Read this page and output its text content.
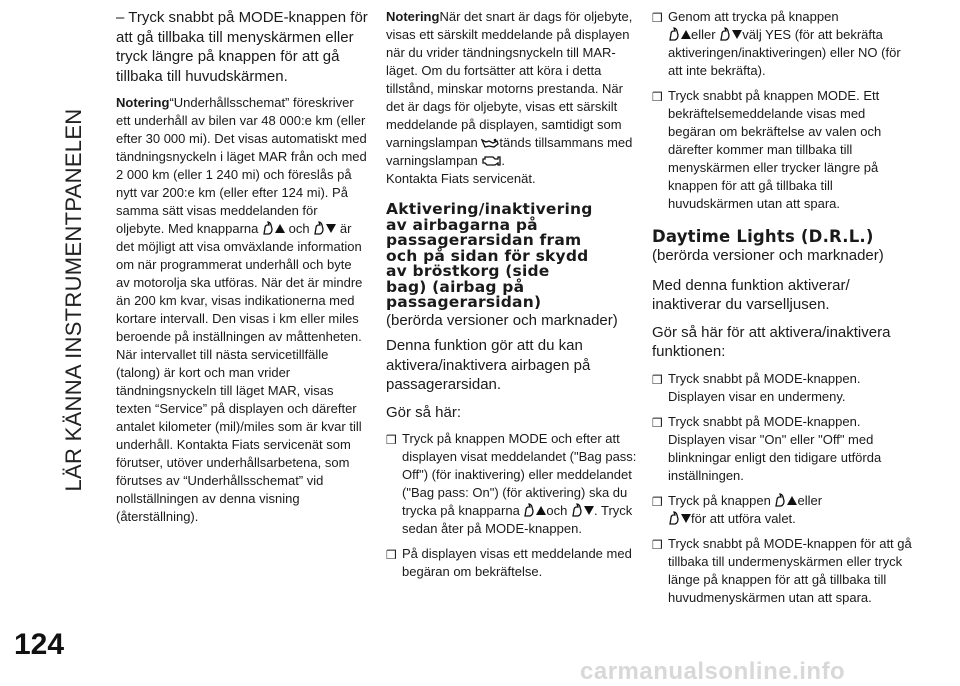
LÄR KÄNNA INSTRUMENTPANELEN
124
carmanualsonline.info

– Tryck snabbt på MODE-knappen för att gå tillbaka till menyskärmen eller tryck längre på knappen för att gå tillbaka till huvudskärmen.

Notering“Underhållsschemat” föreskriver ett underhåll av bilen var 48 000:e km (eller efter 30 000 mi). Det visas automatiskt med tändningsnyckeln i läget MAR från och med 2 000 km (eller 1 240 mi) och föreslås på nytt var 200:e km (eller efter 124 mi). På samma sätt visas meddelanden för oljebyte. Med knapparna och är det möjligt att visa omväxlande information om när programmerat underhåll och byte av motorolja ska utföras. När det är mindre än 200 km kvar, visas indikationerna med kortare intervall. Den visas i km eller miles beroende på inställningen av måttenheten. När intervallet till nästa servicetillfälle (talong) är kort och man vrider tändningsnyckeln till läget MAR, visas texten “Service” på displayen och därefter antalet kilometer (mil)/miles som är kvar till underhåll. Kontakta Fiats servicenät som förutser, utöver underhållsarbetena, som förutses av “Underhållsschemat” vid nollställningen av denna visning (återställning).

NoteringNär det snart är dags för oljebyte, visas ett särskilt meddelande på displayen när du vrider tändningsnyckeln till MAR-läget. Om du fortsätter att köra i detta tillstånd, minskar motorns prestanda. När det är dags för oljebyte, visas ett särskilt meddelande på displayen, samtidigt som varningslampan tänds tillsammans med varningslampan .
Kontakta Fiats servicenät.

Aktivering/inaktivering
av airbagarna på
passagerarsidan fram
och på sidan för skydd
av bröstkorg (side
bag) (airbag på
passagerarsidan)

(berörda versioner och marknader)

Denna funktion gör att du kan aktivera/inaktivera airbagen på passagerarsidan.

Gör så här:

❒ Tryck på knappen MODE och efter att displayen visat meddelandet ("Bag pass: Off") (för inaktivering) eller meddelandet ("Bag pass: On") (för aktivering) ska du trycka på knapparna och . Tryck sedan åter på MODE-knappen.
❒ På displayen visas ett meddelande med begäran om bekräftelse.
❒ Genom att trycka på knappen
eller välj YES (för att bekräfta aktiveringen/inaktiveringen) eller NO (för att inte bekräfta).
❒ Tryck snabbt på knappen MODE. Ett bekräftelsemeddelande visas med begäran om bekräftelse av valen och därefter kommer man tillbaka till menyskärmen eller trycker längre på knappen för att gå tillbaka till huvudskärmen utan att spara.
Daytime Lights (D.R.L.)

(berörda versioner och marknader)

Med denna funktion aktiverar/ inaktiverar du varselljusen.

Gör så här för att aktivera/inaktivera funktionen:

❒ Tryck snabbt på MODE-knappen. Displayen visar en undermeny.
❒ Tryck snabbt på MODE-knappen. Displayen visar "On" eller "Off" med blinkningar enligt den tidigare utförda inställningen.
❒ Tryck på knappen eller
för att utföra valet.
❒ Tryck snabbt på MODE-knappen för att gå tillbaka till undermenyskärmen eller tryck länge på knappen för att gå tillbaka till huvudmenyskärmen utan att spara.
